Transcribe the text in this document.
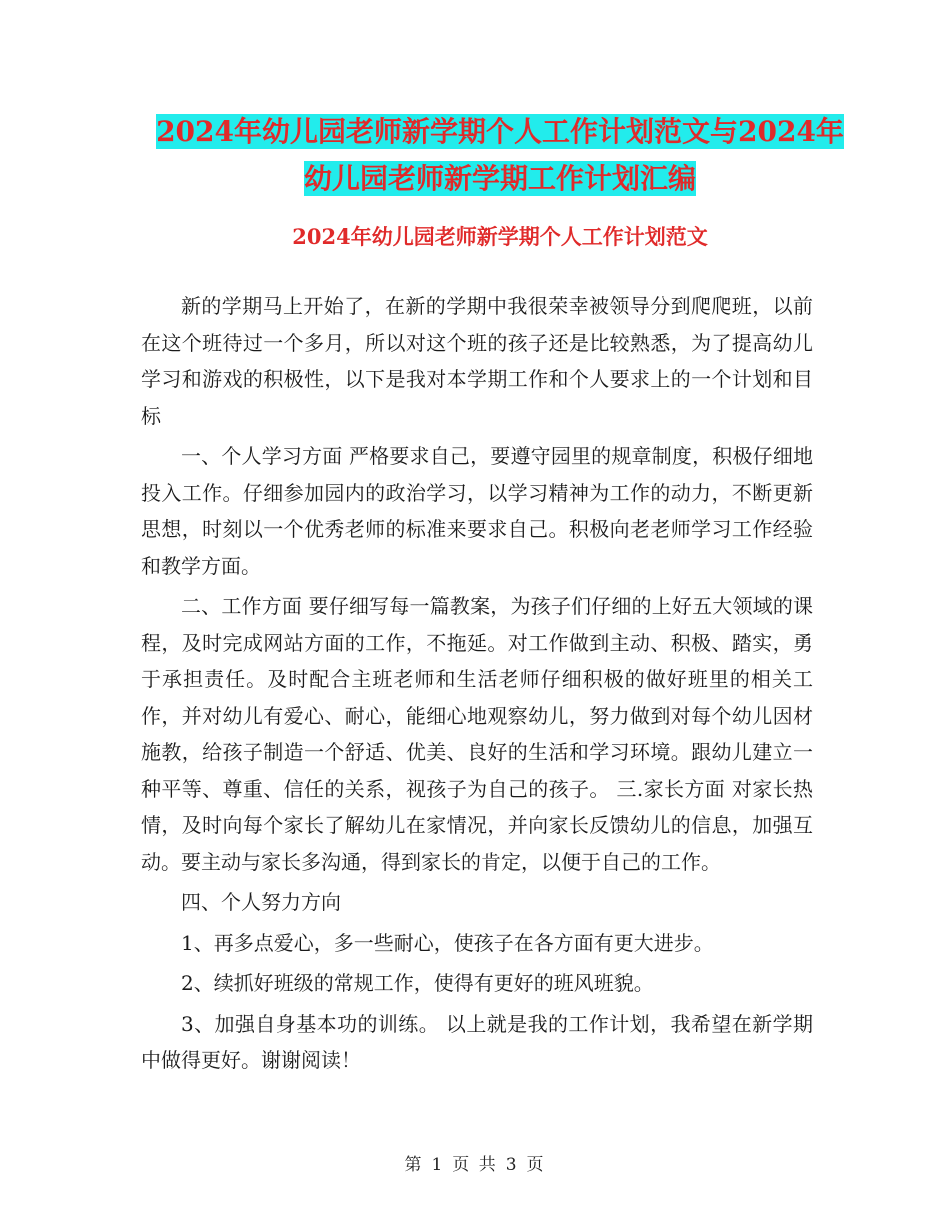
2024年幼儿园老师新学期个人工作计划范文与2024年
幼儿园老师新学期工作计划汇编
2024年幼儿园老师新学期个人工作计划范文

新的学期马上开始了，在新的学期中我很荣幸被领导分到爬爬班，以前在这个班待过一个多月，所以对这个班的孩子还是比较熟悉，为了提高幼儿学习和游戏的积极性，以下是我对本学期工作和个人要求上的一个计划和目标

一、个人学习方面 严格要求自己，要遵守园里的规章制度，积极仔细地投入工作。仔细参加园内的政治学习，以学习精神为工作的动力，不断更新思想，时刻以一个优秀老师的标准来要求自己。积极向老老师学习工作经验和教学方面。

二、工作方面 要仔细写每一篇教案，为孩子们仔细的上好五大领域的课程，及时完成网站方面的工作，不拖延。对工作做到主动、积极、踏实，勇于承担责任。及时配合主班老师和生活老师仔细积极的做好班里的相关工作，并对幼儿有爱心、耐心，能细心地观察幼儿，努力做到对每个幼儿因材施教，给孩子制造一个舒适、优美、良好的生活和学习环境。跟幼儿建立一种平等、尊重、信任的关系，视孩子为自己的孩子。 三.家长方面 对家长热情，及时向每个家长了解幼儿在家情况，并向家长反馈幼儿的信息，加强互动。要主动与家长多沟通，得到家长的肯定，以便于自己的工作。

四、个人努力方向

1、再多点爱心，多一些耐心，使孩子在各方面有更大进步。

2、续抓好班级的常规工作，使得有更好的班风班貌。

3、加强自身基本功的训练。 以上就是我的工作计划，我希望在新学期中做得更好。谢谢阅读！

第 1 页 共 3 页
